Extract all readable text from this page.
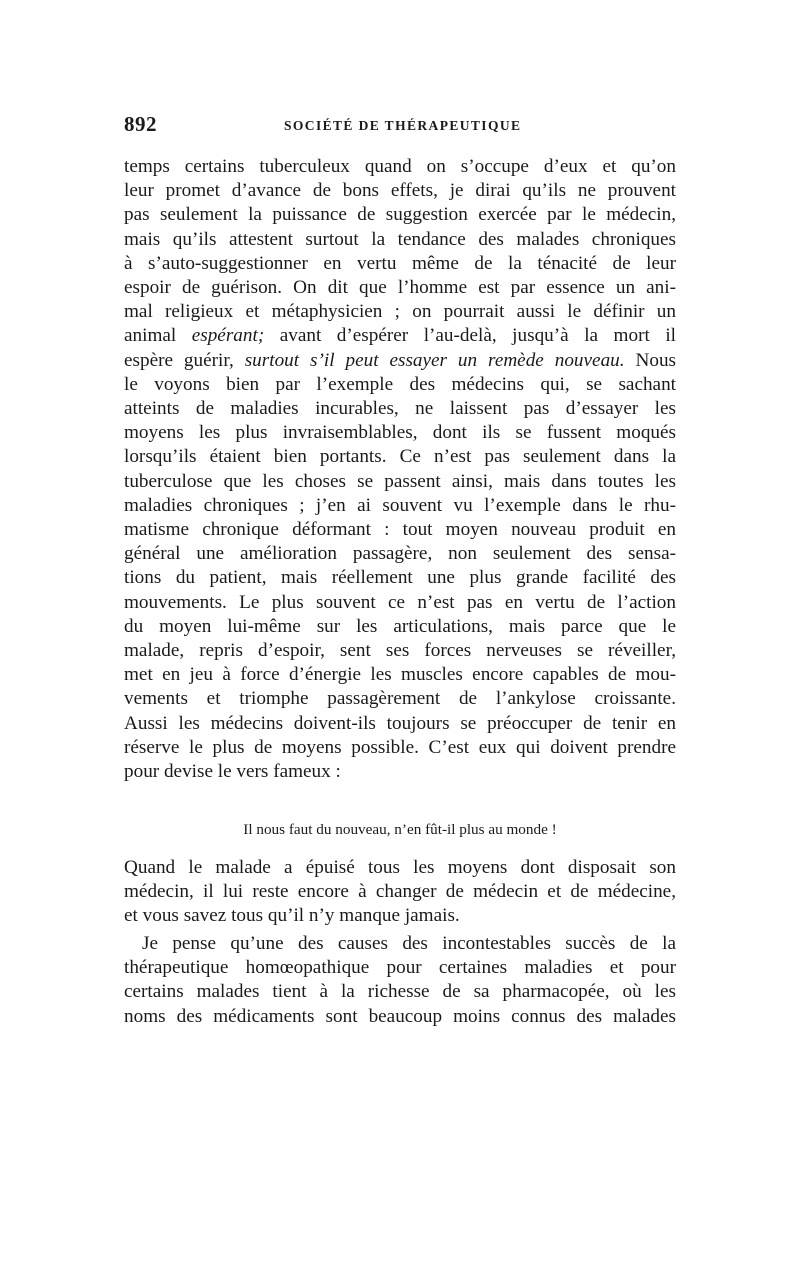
892	SOCIÉTÉ DE THÉRAPEUTIQUE

temps certains tuberculeux quand on s’occupe d’eux et qu’on
leur promet d’avance de bons effets, je dirai qu’ils ne prouvent
pas seulement la puissance de suggestion exercée par le médecin,
mais qu’ils attestent surtout la tendance des malades chroniques
à s’auto-suggestionner en vertu même de la ténacité de leur
espoir de guérison. On dit que l’homme est par essence un ani-
mal religieux et métaphysicien ; on pourrait aussi le définir un
animal espérant; avant d’espérer l’au-delà, jusqu’à la mort il
espère guérir, surtout s’il peut essayer un remède nouveau. Nous
le voyons bien par l’exemple des médecins qui, se sachant
atteints de maladies incurables, ne laissent pas d’essayer les
moyens les plus invraisemblables, dont ils se fussent moqués
lorsqu’ils étaient bien portants. Ce n’est pas seulement dans la
tuberculose que les choses se passent ainsi, mais dans toutes les
maladies chroniques ; j’en ai souvent vu l’exemple dans le rhu-
matisme chronique déformant : tout moyen nouveau produit en
général une amélioration passagère, non seulement des sensa-
tions du patient, mais réellement une plus grande facilité des
mouvements. Le plus souvent ce n’est pas en vertu de l’action
du moyen lui-même sur les articulations, mais parce que le
malade, repris d’espoir, sent ses forces nerveuses se réveiller,
met en jeu à force d’énergie les muscles encore capables de mou-
vements et triomphe passagèrement de l’ankylose croissante.
Aussi les médecins doivent-ils toujours se préoccuper de tenir en
réserve le plus de moyens possible. C’est eux qui doivent prendre
pour devise le vers fameux :

Il nous faut du nouveau, n’en fût-il plus au monde !

Quand le malade a épuisé tous les moyens dont disposait son
médecin, il lui reste encore à changer de médecin et de médecine,
et vous savez tous qu’il n’y manque jamais.

Je pense qu’une des causes des incontestables succès de la
thérapeutique homœopathique pour certaines maladies et pour
certains malades tient à la richesse de sa pharmacopée, où les
noms des médicaments sont beaucoup moins connus des malades
